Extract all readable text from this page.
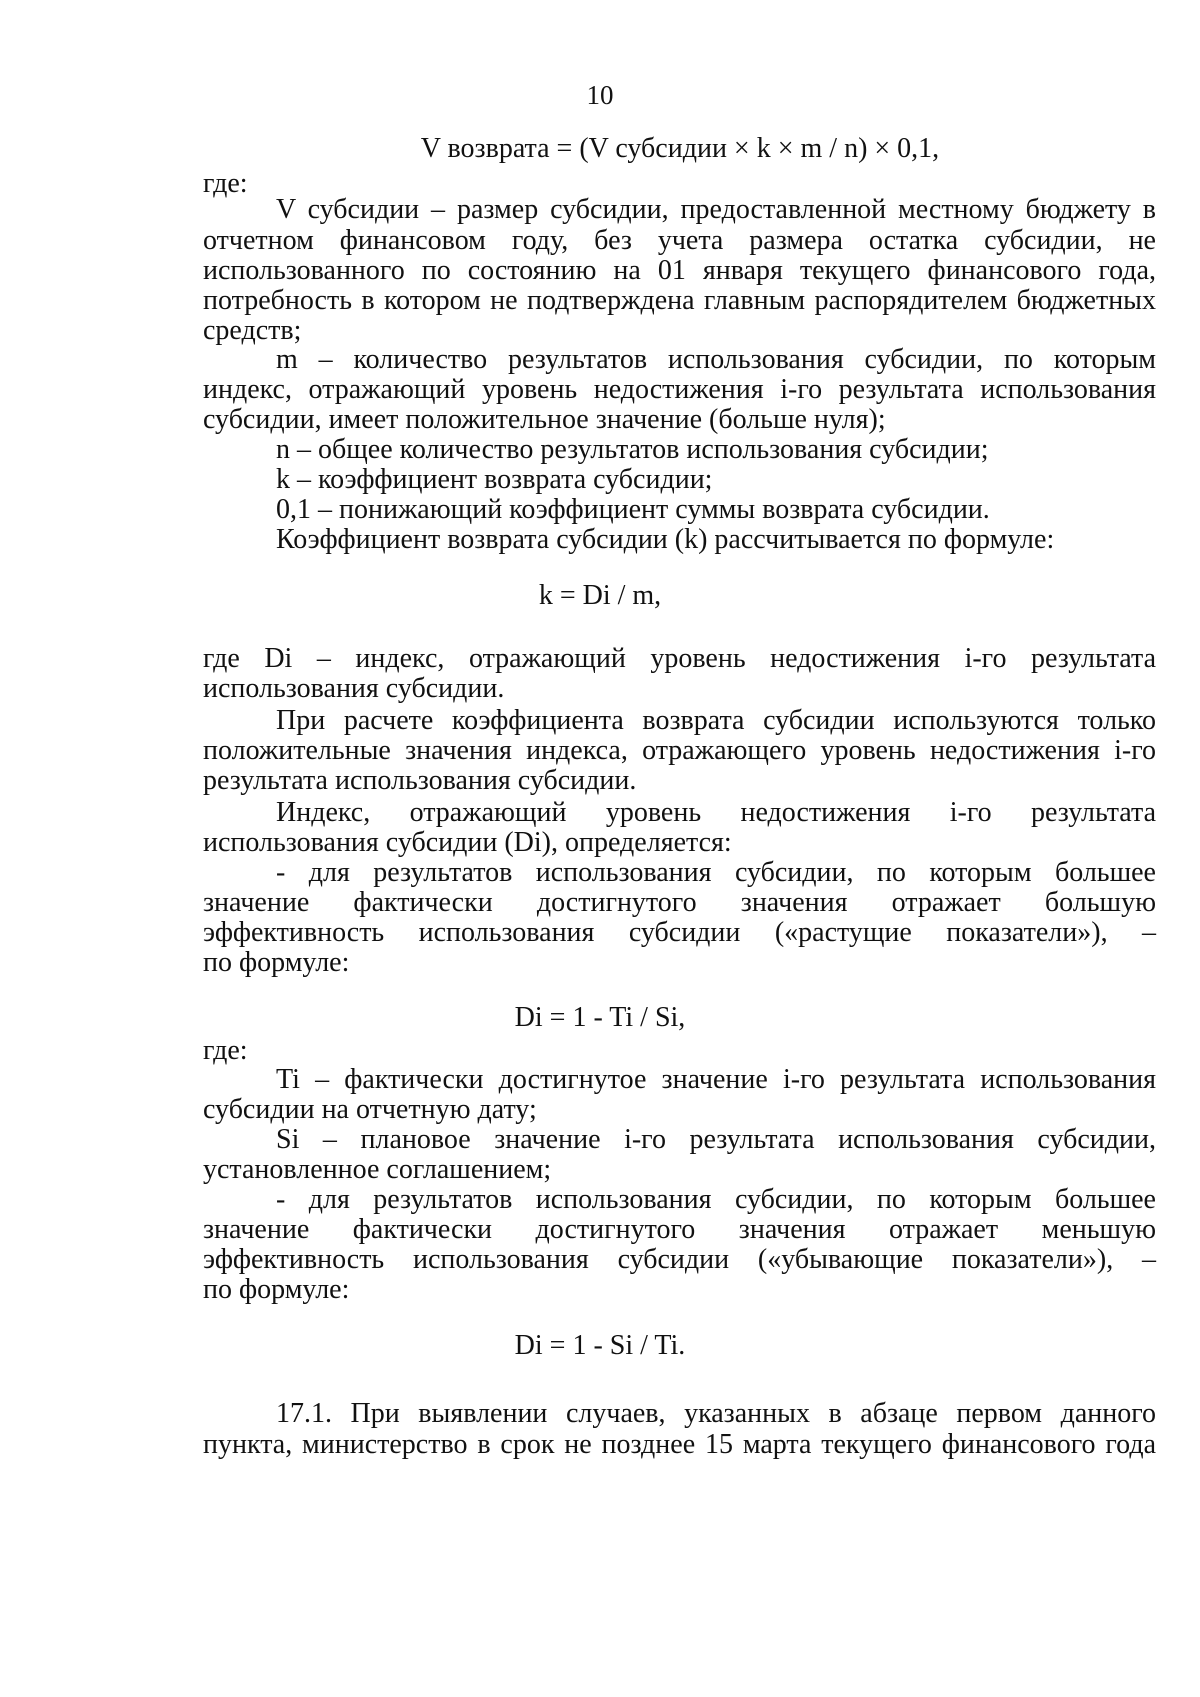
10
V возврата = (V субсидии × k × m / n) × 0,1,
где:
V субсидии – размер субсидии, предоставленной местному бюджету в
отчетном финансовом году, без учета размера остатка субсидии, не
использованного по состоянию на 01 января текущего финансового года,
потребность в котором не подтверждена главным распорядителем бюджетных
средств;
m – количество результатов использования субсидии, по которым
индекс, отражающий уровень недостижения i-го результата использования
субсидии, имеет положительное значение (больше нуля);
n – общее количество результатов использования субсидии;
k – коэффициент возврата субсидии;
0,1 – понижающий коэффициент суммы возврата субсидии.
Коэффициент возврата субсидии (k) рассчитывается по формуле:
k = Di / m,
где Di – индекс, отражающий уровень недостижения i-го результата
использования субсидии.
При расчете коэффициента возврата субсидии используются только
положительные значения индекса, отражающего уровень недостижения i-го
результата использования субсидии.
Индекс, отражающий уровень недостижения i-го результата
использования субсидии (Di), определяется:
- для результатов использования субсидии, по которым большее
значение фактически достигнутого значения отражает большую
эффективность использования субсидии («растущие показатели»), –
по формуле:
Di = 1 - Ti / Si,
где:
Ti – фактически достигнутое значение i-го результата использования
субсидии на отчетную дату;
Si – плановое значение i-го результата использования субсидии,
установленное соглашением;
- для результатов использования субсидии, по которым большее
значение фактически достигнутого значения отражает меньшую
эффективность использования субсидии («убывающие показатели»), –
по формуле:
Di = 1 - Si / Ti.
17.1. При выявлении случаев, указанных в абзаце первом данного
пункта, министерство в срок не позднее 15 марта текущего финансового года
